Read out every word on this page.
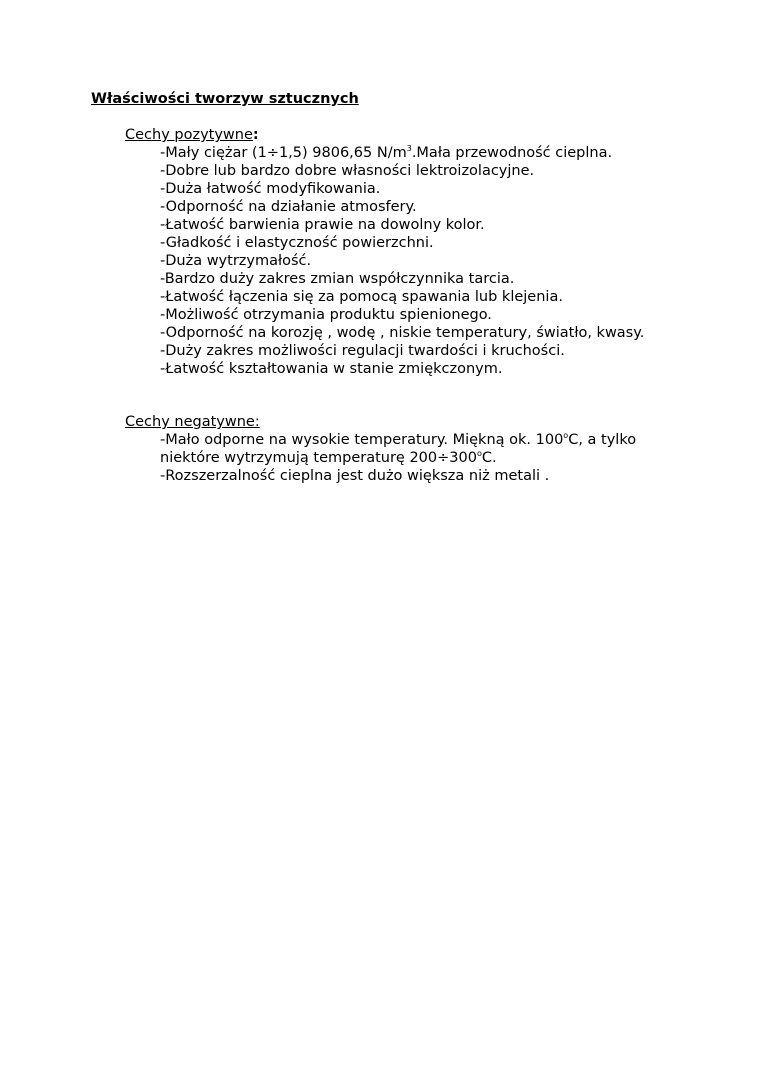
Właściwości tworzyw sztucznych
Cechy pozytywne:
-Mały ciężar (1÷1,5) 9806,65 $N/m^3.Mała$ przewodność cieplna.
-Dobre lub bardzo dobre własności lektroizolacyjne.
-Duża łatwość modyfikowania.
-Odporność na działanie atmosfery.
-Łatwość barwienia prawie na dowolny kolor.
-Gładkość i elastyczność powierzchni.
-Duża wytrzymałość.
-Bardzo duży zakres zmian współczynnika tarcia.
-Łatwość łączenia się za pomocą spawania lub klejenia.
-Możliwość otrzymania produktu spienionego.
-Odporność na korozję , wodę , niskie temperatury, światło, kwasy.
-Duży zakres możliwości regulacji twardości i kruchości.
-Łatwość kształtowania w stanie zmiękczonym.
Cechy negatywne:
-Mało odporne na wysokie temperatury. Miękną ok. 100$^o$C, a tylko niektóre wytrzymują temperaturę $200\div 300^oC$.
-Rozszerzalność cieplna jest dużo większa niż metali .
